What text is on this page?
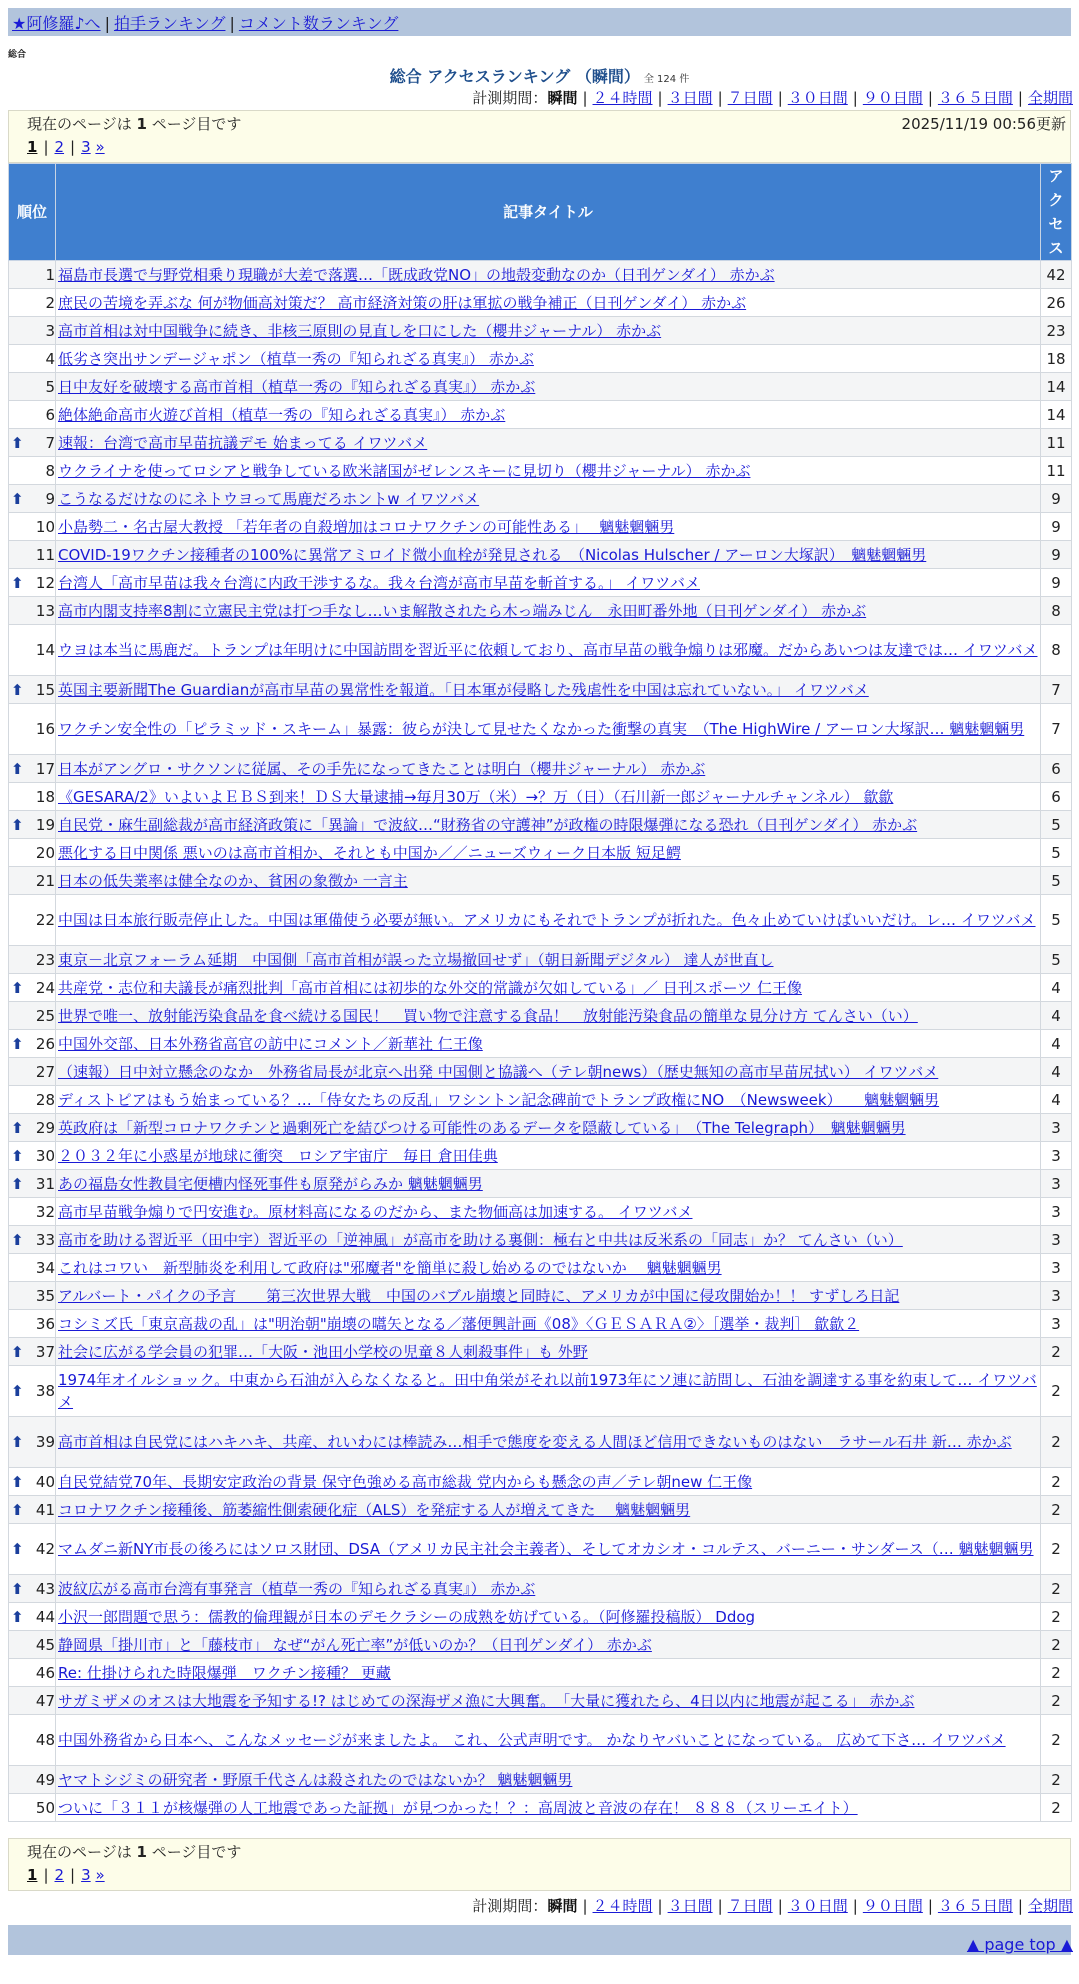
★阿修羅♪へ | 拍手ランキング | コメント数ランキング
総合
総合 アクセスランキング （瞬間） 全 124 件
計測期間：瞬間 | ２４時間 | ３日間 | ７日間 | ３０日間 | ９０日間 | ３６５日間 | 全期間
現在のページは 1 ページ目です	2025/11/19 00:56更新
1 | 2 | 3 »
順位	記事タイトル	アクセス
1	福島市長選で与野党相乗り現職が大差で落選…「既成政党NO」の地殻変動なのか（日刊ゲンダイ） 赤かぶ	42
2	庶民の苦境を弄ぶな 何が物価高対策だ？ 高市経済対策の肝は軍拡の戦争補正（日刊ゲンダイ） 赤かぶ	26
3	高市首相は対中国戦争に続き、非核三原則の見直しを口にした（櫻井ジャーナル） 赤かぶ	23
4	低劣さ突出サンデージャポン（植草一秀の『知られざる真実』） 赤かぶ	18
5	日中友好を破壊する高市首相（植草一秀の『知られざる真実』） 赤かぶ	14
6	絶体絶命高市火遊び首相（植草一秀の『知られざる真実』） 赤かぶ	14

⬆ 7	速報：台湾で高市早苗抗議デモ 始まってる イワツバメ	11
8	ウクライナを使ってロシアと戦争している欧米諸国がゼレンスキーに見切り（櫻井ジャーナル） 赤かぶ	11

⬆ 9	こうなるだけなのにネトウヨって馬鹿だろホントw イワツバメ	9
10	小島勢二・名古屋大教授 「若年者の自殺増加はコロナワクチンの可能性ある」　 魑魅魍魎男	9
11	COVID-19ワクチン接種者の100%に異常アミロイド微小血栓が発見される　（Nicolas Hulscher / アーロン大塚訳）　魑魅魍魎男	9

⬆ 12	台湾人「高市早苗は我々台湾に内政干渉するな。我々台湾が高市早苗を斬首する。」 イワツバメ	9
13	高市内閣支持率8割に立憲民主党は打つ手なし…いま解散されたら木っ端みじん　永田町番外地（日刊ゲンダイ） 赤かぶ	8
14	ウヨは本当に馬鹿だ。トランプは年明けに中国訪問を習近平に依頼しており、高市早苗の戦争煽りは邪魔。だからあいつは友達では… イワツバメ	8

⬆ 15	英国主要新聞The Guardianが高市早苗の異常性を報道。「日本軍が侵略した残虐性を中国は忘れていない。」 イワツバメ	7
16	ワクチン安全性の「ピラミッド・スキーム」暴露：彼らが決して見せたくなかった衝撃の真実　（The HighWire / アーロン大塚訳… 魑魅魍魎男	7

⬆ 17	日本がアングロ・サクソンに従属、その手先になってきたことは明白（櫻井ジャーナル） 赤かぶ	6
18	《GESARA/2》いよいよＥＢＳ到来！ＤＳ大量逮捕→毎月30万（米）→？万（日）（石川新一郎ジャーナルチャンネル） 歙歙	6

⬆ 19	自民党・麻生副総裁が高市経済政策に「異論」で波紋…“財務省の守護神”が政権の時限爆弾になる恐れ（日刊ゲンダイ） 赤かぶ	5
20	悪化する日中関係 悪いのは高市首相か、それとも中国か／／ニューズウィーク日本版 短足鰐	5
21	日本の低失業率は健全なのか、貧困の象徴か 一言主	5
22	中国は日本旅行販売停止した。中国は軍備使う必要が無い。アメリカにもそれでトランプが折れた。色々止めていけばいいだけ。レ… イワツバメ	5
23	東京－北京フォーラム延期　中国側「高市首相が誤った立場撤回せず」（朝日新聞デジタル） 達人が世直し	5

⬆ 24	共産党・志位和夫議長が痛烈批判「高市首相には初歩的な外交的常識が欠如している」／ 日刊スポーツ 仁王像	4
25	世界で唯一、放射能汚染食品を食べ続ける国民！　買い物で注意する食品！　放射能汚染食品の簡単な見分け方 てんさい（い）	4

⬆ 26	中国外交部、日本外務省高官の訪中にコメント／新華社 仁王像	4
27	（速報）日中対立懸念のなか　外務省局長が北京へ出発 中国側と協議へ（テレ朝news）（歴史無知の高市早苗尻拭い） イワツバメ	4
28	ディストピアはもう始まっている？…「侍女たちの反乱」ワシントン記念碑前でトランプ政権にNO　（Newsweek）　　魑魅魍魎男	4

⬆ 29	英政府は「新型コロナワクチンと過剰死亡を結びつける可能性のあるデータを隠蔽している」　（The Telegraph）　魑魅魍魎男	3

⬆ 30	２０３２年に小惑星が地球に衝突　ロシア宇宙庁　毎日 倉田佳典	3

⬆ 31	あの福島女性教員宅便槽内怪死事件も原発がらみか 魑魅魍魎男	3
32	高市早苗戦争煽りで円安進む。原材料高になるのだから、また物価高は加速する。 イワツバメ	3

⬆ 33	高市を助ける習近平（田中宇）習近平の「逆神風」が高市を助ける裏側：極右と中共は反米系の「同志」か？ てんさい（い）	3
34	これはコワい　新型肺炎を利用して政府は"邪魔者"を簡単に殺し始めるのではないか　 魑魅魍魎男	3
35	アルバート・パイクの予言　　第三次世界大戦　中国のバブル崩壊と同時に、アメリカが中国に侵攻開始か！！ すずしろ日記	3
36	コシミズ氏「東京高裁の乱」は"明治朝"崩壊の嚆矢となる／藩便興計画《08》〈ＧＥＳＡＲＡ②〉［選挙・裁判］ 歙歙２	3

⬆ 37	社会に広がる学会員の犯罪…「大阪・池田小学校の児童８人刺殺事件」も 外野	2

⬆ 38	1974年オイルショック。中東から石油が入らなくなると。田中角栄がそれ以前1973年にソ連に訪問し、石油を調達する事を約束して… イワツバメ	2

⬆ 39	高市首相は自民党にはハキハキ、共産、れいわには棒読み…相手で態度を変える人間ほど信用できないものはない　ラサール石井 新… 赤かぶ	2

⬆ 40	自民党結党70年、長期安定政治の背景 保守色強める高市総裁 党内からも懸念の声／テレ朝new 仁王像	2

⬆ 41	コロナワクチン接種後、筋萎縮性側索硬化症（ALS）を発症する人が増えてきた　 魑魅魍魎男	2

⬆ 42	マムダニ新NY市長の後ろにはソロス財団、DSA（アメリカ民主社会主義者）、そしてオカシオ・コルテス、バーニー・サンダース（… 魑魅魍魎男	2

⬆ 43	波紋広がる高市台湾有事発言（植草一秀の『知られざる真実』） 赤かぶ	2

⬆ 44	小沢一郎問題で思う：儒教的倫理観が日本のデモクラシーの成熟を妨げている。（阿修羅投稿版） Ddog	2
45	静岡県「掛川市」と「藤枝市」 なぜ“がん死亡率”が低いのか？（日刊ゲンダイ） 赤かぶ	2
46	Re: 仕掛けられた時限爆弾　ワクチン接種？ 更藏	2
47	サガミザメのオスは大地震を予知する!? はじめての深海ザメ漁に大興奮。　「大量に獲れたら、4日以内に地震が起こる」 赤かぶ	2
48	中国外務省から日本へ、こんなメッセージが来ましたよ。 これ、公式声明です。 かなりヤバいことになっている。 広めて下さ… イワツバメ	2
49	ヤマトシジミの研究者・野原千代さんは殺されたのではないか？ 魑魅魍魎男	2
50	ついに「３１１が核爆弾の人工地震であった証拠」が見つかった！？：高周波と音波の存在！ ８８８（スリーエイト）	2
現在のページは 1 ページ目です
1 | 2 | 3 »
計測期間：瞬間 | ２４時間 | ３日間 | ７日間 | ３０日間 | ９０日間 | ３６５日間 | 全期間
▲ page top ▲
